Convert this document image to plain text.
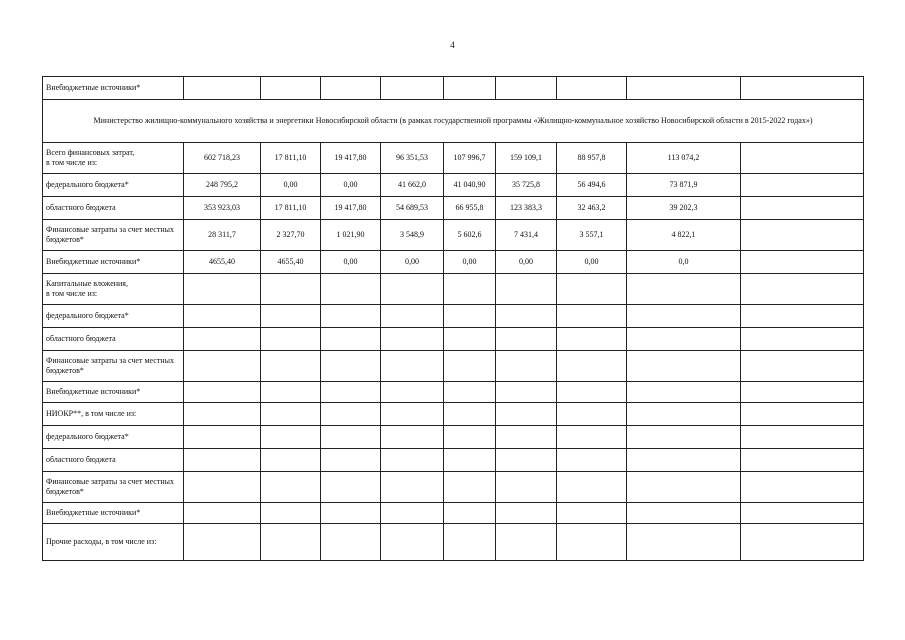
4
Внебюджетные источники*									
Министерство жилищно-коммунального хозяйства и энергетики Новосибирской области (в рамках государственной программы «Жилищно-коммунальное хозяйство Новосибирской области в 2015-2022 годах»)									
Всего финансовых затрат,
в том числе из:	602 718,23	17 811,10	19 417,80	96 351,53	107 996,7	159 109,1	88 957,8	113 074,2	
федерального бюджета*	248 795,2	0,00	0,00	41 662,0	41 040,90	35 725,8	56 494,6	73 871,9	
областного бюджета	353 923,03	17 811,10	19 417,80	54 689,53	66 955,8	123 383,3	32 463,2	39 202,3	
Финансовые затраты за счет местных бюджетов*	28 311,7	2 327,70	1 021,90	3 548,9	5 602,6	7 431,4	3 557,1	4 822,1	
Внебюджетные источники*	4655,40	4655,40	0,00	0,00	0,00	0,00	0,00	0,0	
Капитальные вложения,
в том числе из:									
федерального бюджета*									
областного бюджета									
Финансовые затраты за счет местных бюджетов*									
Внебюджетные источники*									
НИОКР**, в том числе из:									
федерального бюджета*									
областного бюджета									
Финансовые затраты за счет местных бюджетов*									
Внебюджетные источники*									
Прочие расходы, в том числе из:									
